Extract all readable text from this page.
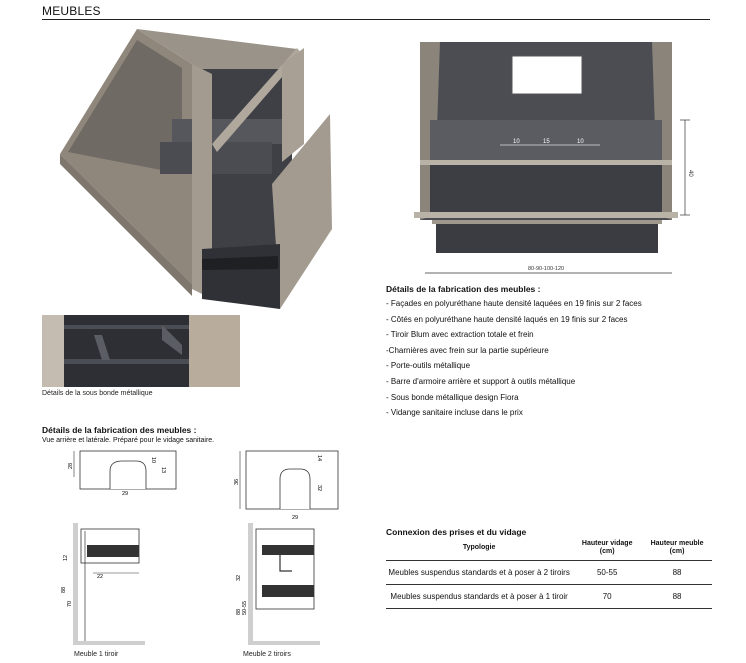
MEUBLES
Détails de la sous bonde métallique
10	15	10
40
80-90-100-120
Détails de la fabrication des meubles :
- Façades en polyuréthane haute densité laquées en 19 finis sur 2 faces
- Côtés en polyuréthane haute densité laqués en 19 finis sur 2 faces
- Tiroir Blum avec extraction totale et frein
-Charnières avec frein sur la partie supérieure
- Porte-outils métallique
- Barre d'armoire arrière et support à outils métallique
- Sous bonde métallique design Fiora
- Vidange sanitaire incluse dans le prix
Détails de la fabrication des meubles :
Vue arrière et latérale. Préparé pour le vidage sanitaire.
28
10
13
29
36
14
32
29
12
22
88
70
Meuble 1 tiroir
32
88 50-55
Meuble 2 tiroirs
Connexion des prises et du vidage
Typologie	Hauteur vidage (cm)	Hauteur meuble (cm)
Meubles suspendus standards et à poser à 2 tiroirs	50-55	88
Meubles suspendus standards et à poser à 1 tiroir	70	88
